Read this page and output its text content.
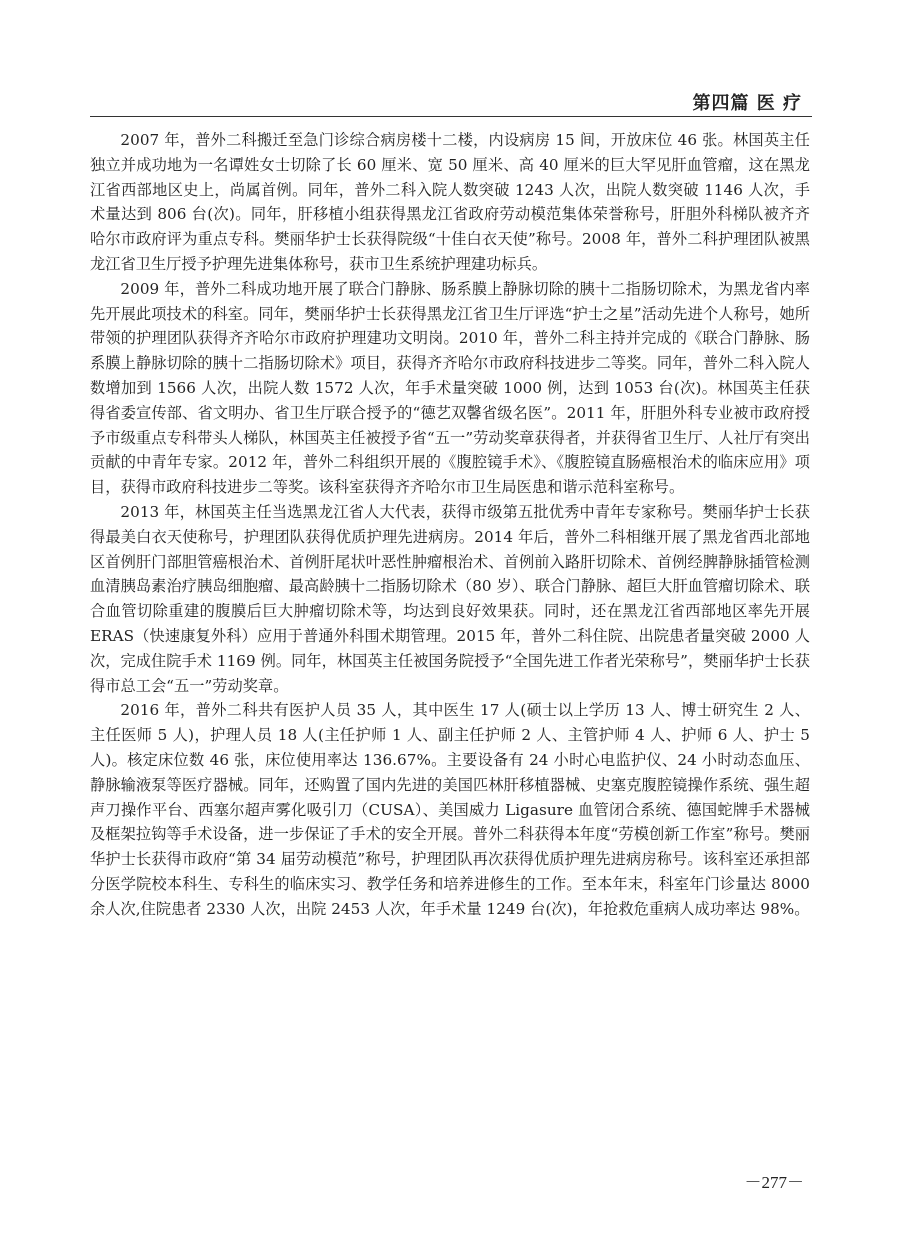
第四篇 医 疗

2007 年，普外二科搬迁至急门诊综合病房楼十二楼，内设病房 15 间，开放床位 46 张。林国英主任独立并成功地为一名谭姓女士切除了长 60 厘米、宽 50 厘米、高 40 厘米的巨大罕见肝血管瘤，这在黑龙江省西部地区史上，尚属首例。同年，普外二科入院人数突破 1243 人次，出院人数突破 1146 人次，手术量达到 806 台(次)。同年，肝移植小组获得黑龙江省政府劳动模范集体荣誉称号，肝胆外科梯队被齐齐哈尔市政府评为重点专科。樊丽华护士长获得院级“十佳白衣天使”称号。2008 年，普外二科护理团队被黑龙江省卫生厅授予护理先进集体称号，获市卫生系统护理建功标兵。

2009 年，普外二科成功地开展了联合门静脉、肠系膜上静脉切除的胰十二指肠切除术，为黑龙省内率先开展此项技术的科室。同年，樊丽华护士长获得黑龙江省卫生厅评选“护士之星”活动先进个人称号，她所带领的护理团队获得齐齐哈尔市政府护理建功文明岗。2010 年，普外二科主持并完成的《联合门静脉、肠系膜上静脉切除的胰十二指肠切除术》项目，获得齐齐哈尔市政府科技进步二等奖。同年，普外二科入院人数增加到 1566 人次，出院人数 1572 人次，年手术量突破 1000 例，达到 1053 台(次)。林国英主任获得省委宣传部、省文明办、省卫生厅联合授予的“德艺双馨省级名医”。2011 年，肝胆外科专业被市政府授予市级重点专科带头人梯队，林国英主任被授予省“五一”劳动奖章获得者，并获得省卫生厅、人社厅有突出贡献的中青年专家。2012 年，普外二科组织开展的《腹腔镜手术》、《腹腔镜直肠癌根治术的临床应用》项目，获得市政府科技进步二等奖。该科室获得齐齐哈尔市卫生局医患和谐示范科室称号。

2013 年，林国英主任当选黑龙江省人大代表，获得市级第五批优秀中青年专家称号。樊丽华护士长获得最美白衣天使称号，护理团队获得优质护理先进病房。2014 年后，普外二科相继开展了黑龙省西北部地区首例肝门部胆管癌根治术、首例肝尾状叶恶性肿瘤根治术、首例前入路肝切除术、首例经脾静脉插管检测血清胰岛素治疗胰岛细胞瘤、最高龄胰十二指肠切除术（80 岁）、联合门静脉、超巨大肝血管瘤切除术、联合血管切除重建的腹膜后巨大肿瘤切除术等，均达到良好效果获。同时，还在黑龙江省西部地区率先开展 ERAS（快速康复外科）应用于普通外科围术期管理。2015 年，普外二科住院、出院患者量突破 2000 人次，完成住院手术 1169 例。同年，林国英主任被国务院授予“全国先进工作者光荣称号”，樊丽华护士长获得市总工会“五一”劳动奖章。

2016 年，普外二科共有医护人员 35 人，其中医生 17 人(硕士以上学历 13 人、博士研究生 2 人、主任医师 5 人)，护理人员 18 人(主任护师 1 人、副主任护师 2 人、主管护师 4 人、护师 6 人、护士 5 人)。核定床位数 46 张，床位使用率达 136.67%。主要设备有 24 小时心电监护仪、24 小时动态血压、静脉输液泵等医疗器械。同年，还购置了国内先进的美国匹林肝移植器械、史塞克腹腔镜操作系统、强生超声刀操作平台、西塞尔超声雾化吸引刀（CUSA）、美国威力 Ligasure 血管闭合系统、德国蛇牌手术器械及框架拉钩等手术设备，进一步保证了手术的安全开展。普外二科获得本年度“劳模创新工作室”称号。樊丽华护士长获得市政府“第 34 届劳动模范”称号，护理团队再次获得优质护理先进病房称号。该科室还承担部分医学院校本科生、专科生的临床实习、教学任务和培养进修生的工作。至本年末，科室年门诊量达 8000 余人次,住院患者 2330 人次，出院 2453 人次，年手术量 1249 台(次)，年抢救危重病人成功率达 98%。

－277－
